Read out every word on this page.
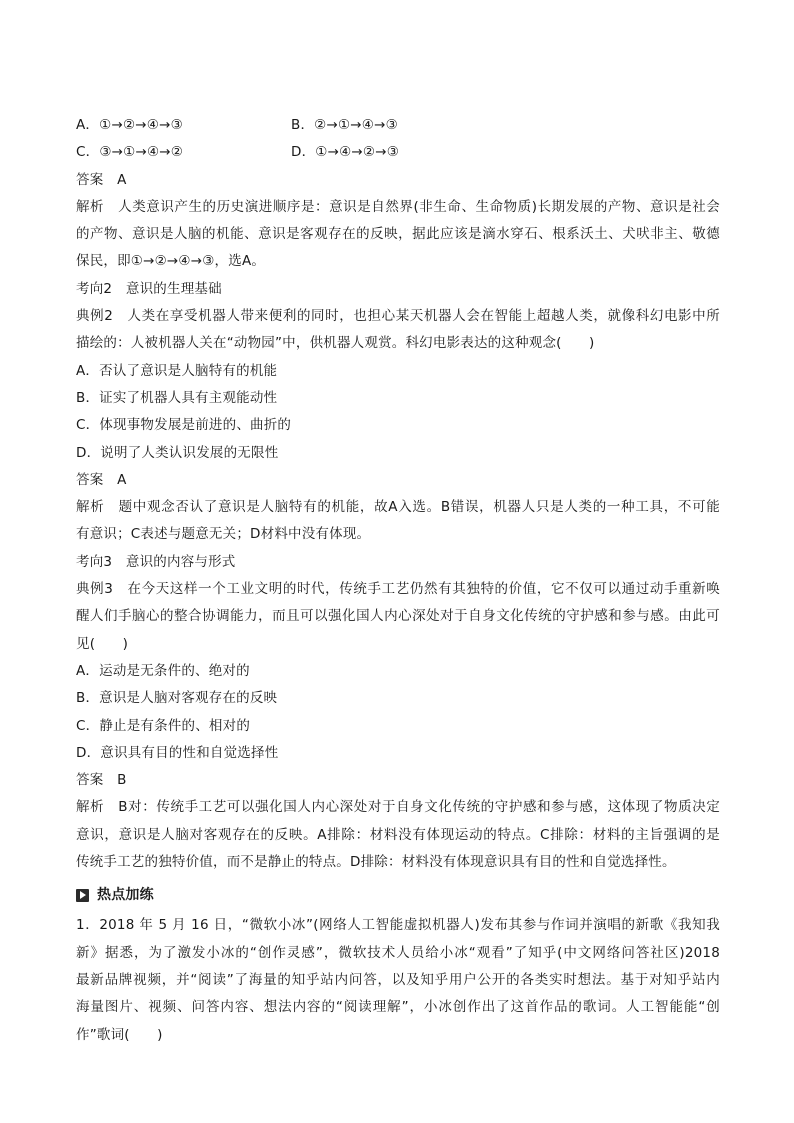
A．①→②→④→③	B．②→①→④→③
C．③→①→④→②	D．①→④→②→③
答案　A
解析　人类意识产生的历史演进顺序是：意识是自然界(非生命、生命物质)长期发展的产物、意识是社会
的产物、意识是人脑的机能、意识是客观存在的反映，据此应该是滴水穿石、根系沃土、犬吠非主、敬德
保民，即①→②→④→③，选A。
考向2　意识的生理基础
典例2　人类在享受机器人带来便利的同时，也担心某天机器人会在智能上超越人类，就像科幻电影中所
描绘的：人被机器人关在“动物园”中，供机器人观赏。科幻电影表达的这种观念(　　)
A．否认了意识是人脑特有的机能
B．证实了机器人具有主观能动性
C．体现事物发展是前进的、曲折的
D．说明了人类认识发展的无限性
答案　A
解析　题中观念否认了意识是人脑特有的机能，故A入选。B错误，机器人只是人类的一种工具，不可能
有意识；C表述与题意无关；D材料中没有体现。
考向3　意识的内容与形式
典例3　在今天这样一个工业文明的时代，传统手工艺仍然有其独特的价值，它不仅可以通过动手重新唤
醒人们手脑心的整合协调能力，而且可以强化国人内心深处对于自身文化传统的守护感和参与感。由此可
见(　　)
A．运动是无条件的、绝对的
B．意识是人脑对客观存在的反映
C．静止是有条件的、相对的
D．意识具有目的性和自觉选择性
答案　B
解析　B对：传统手工艺可以强化国人内心深处对于自身文化传统的守护感和参与感，这体现了物质决定
意识，意识是人脑对客观存在的反映。A排除：材料没有体现运动的特点。C排除：材料的主旨强调的是
传统手工艺的独特价值，而不是静止的特点。D排除：材料没有体现意识具有目的性和自觉选择性。
热点加练
1．2018 年 5 月 16 日，“微软小冰”(网络人工智能虚拟机器人)发布其参与作词并演唱的新歌《我知我
新》据悉，为了激发小冰的“创作灵感”，微软技术人员给小冰“观看”了知乎(中文网络问答社区)2018
最新品牌视频，并“阅读”了海量的知乎站内问答，以及知乎用户公开的各类实时想法。基于对知乎站内
海量图片、视频、问答内容、想法内容的“阅读理解”，小冰创作出了这首作品的歌词。人工智能能“创
作”歌词(　　)
